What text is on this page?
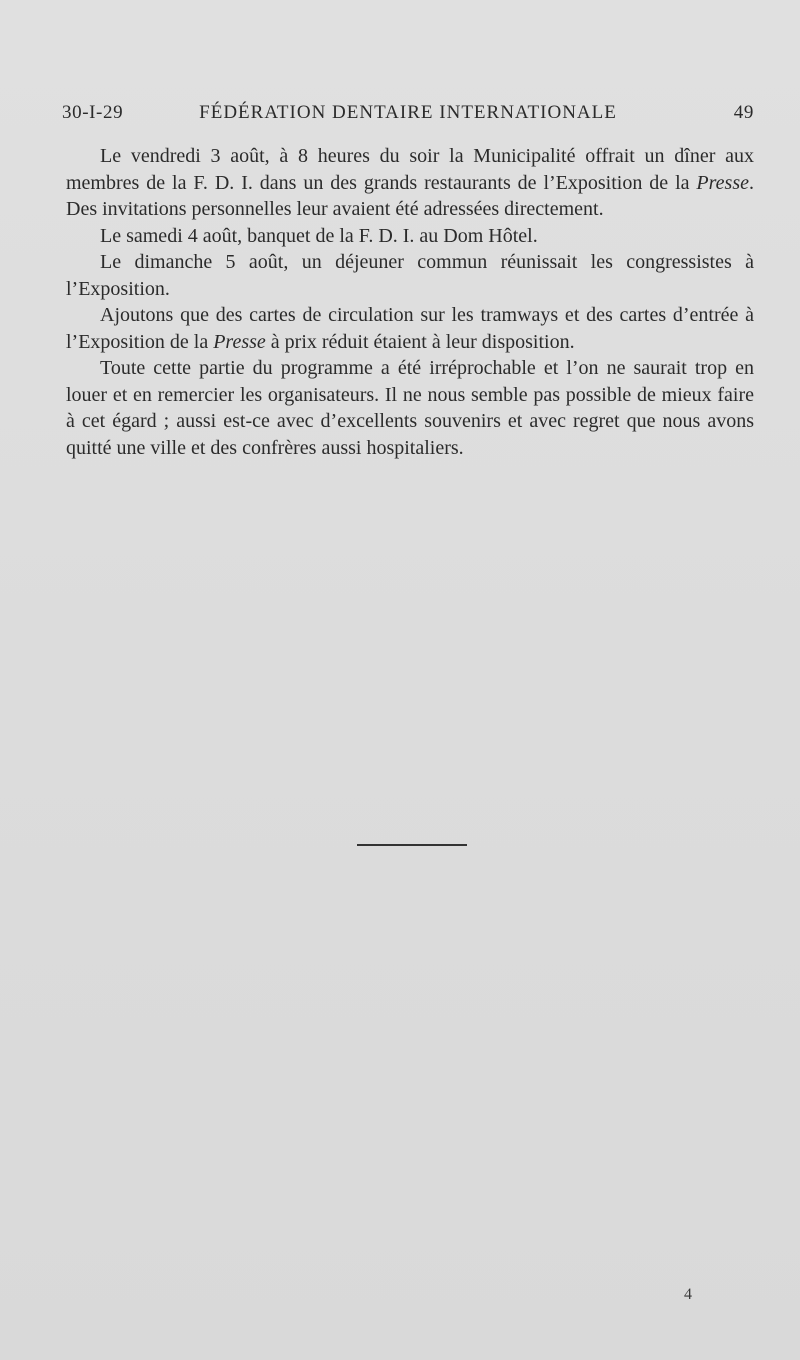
30-I-29	FÉDÉRATION DENTAIRE INTERNATIONALE	49

Le vendredi 3 août, à 8 heures du soir la Municipalité offrait un dîner aux membres de la F. D. I. dans un des grands restaurants de l’Exposition de la Presse. Des invitations personnelles leur avaient été adressées directement.

Le samedi 4 août, banquet de la F. D. I. au Dom Hôtel.

Le dimanche 5 août, un déjeuner commun réunissait les congressistes à l’Exposition.

Ajoutons que des cartes de circulation sur les tramways et des cartes d’entrée à l’Exposition de la Presse à prix réduit étaient à leur disposition.

Toute cette partie du programme a été irréprochable et l’on ne saurait trop en louer et en remercier les organisateurs. Il ne nous semble pas possible de mieux faire à cet égard ; aussi est-ce avec d’excellents souvenirs et avec regret que nous avons quitté une ville et des confrères aussi hospitaliers.

4
